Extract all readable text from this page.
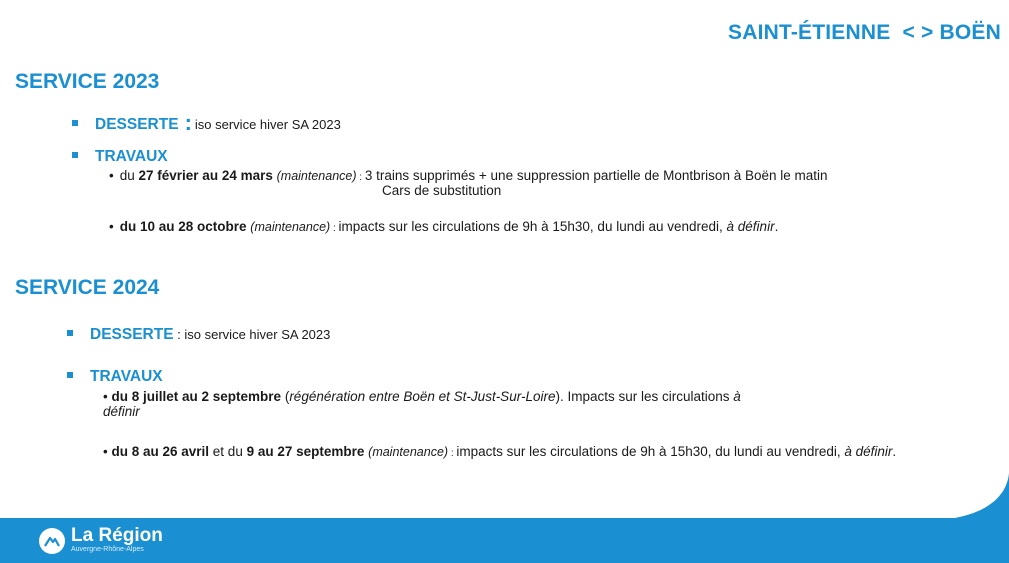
SAINT-ÉTIENNE  < > BOËN
SERVICE 2023
DESSERTE : iso service hiver SA 2023
TRAVAUX
• du 27 février au 24 mars (maintenance) : 3 trains supprimés + une suppression partielle de Montbrison à Boën le matin
Cars de substitution
• du 10 au 28 octobre (maintenance) : impacts sur les circulations de 9h à 15h30, du lundi au vendredi, à définir.
SERVICE 2024
DESSERTE : iso service hiver SA 2023
TRAVAUX
• du 8 juillet au 2 septembre (régénération entre Boën et St-Just-Sur-Loire). Impacts sur les circulations à
définir
• du 8 au 26 avril et du 9 au 27 septembre (maintenance) : impacts sur les circulations de 9h à 15h30, du lundi au vendredi, à définir.
La Région
Auvergne-Rhône-Alpes
